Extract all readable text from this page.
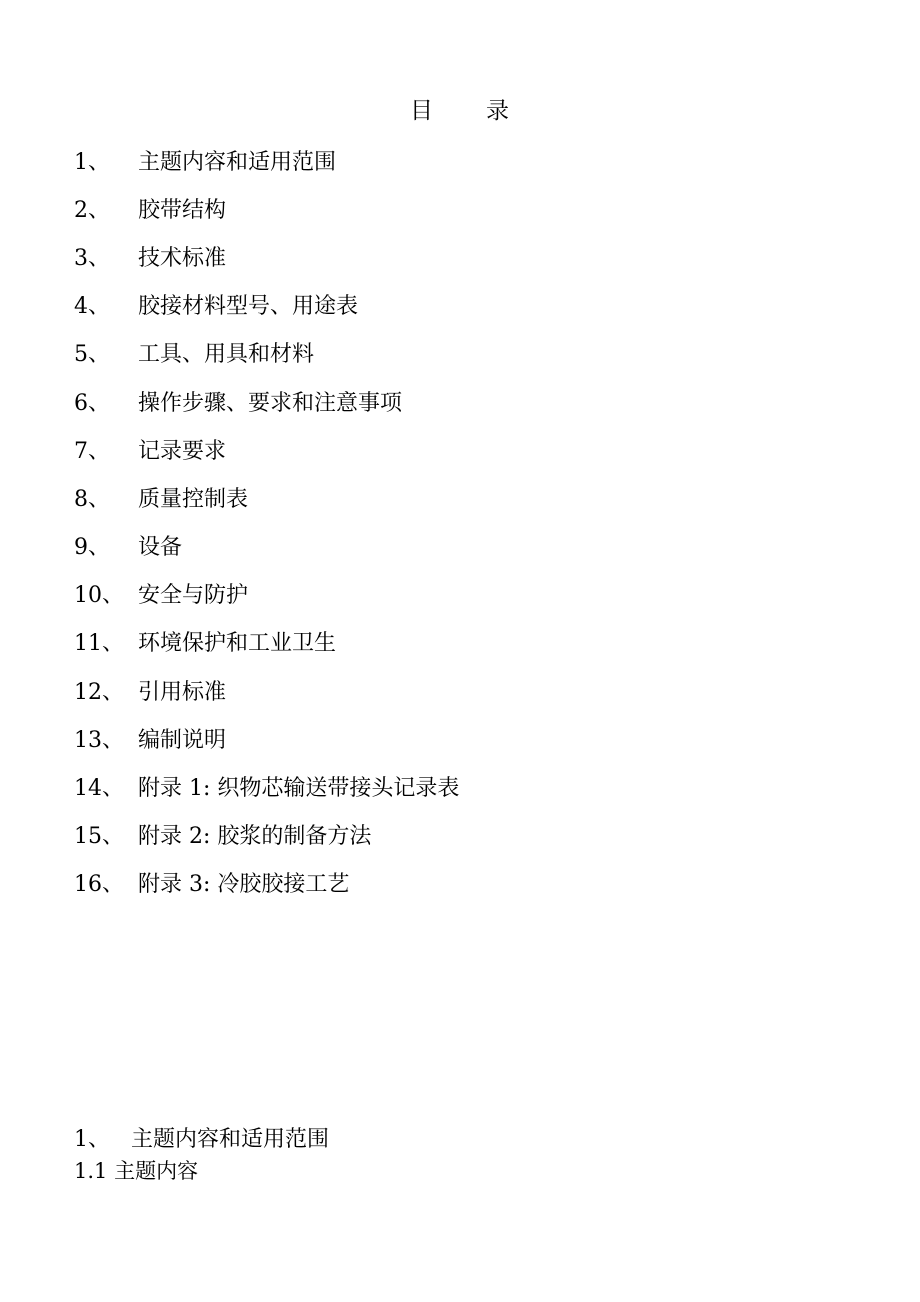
目 录
1、	主题内容和适用范围
2、	胶带结构
3、	技术标准
4、	胶接材料型号、用途表
5、	工具、用具和材料
6、	操作步骤、要求和注意事项
7、	记录要求
8、	质量控制表
9、	设备
10、 安全与防护
11、 环境保护和工业卫生
12、 引用标准
13、 编制说明
14、 附录 1: 织物芯输送带接头记录表
15、 附录 2: 胶浆的制备方法
16、 附录 3: 冷胶胶接工艺
1、 主题内容和适用范围
1.1 主题内容
